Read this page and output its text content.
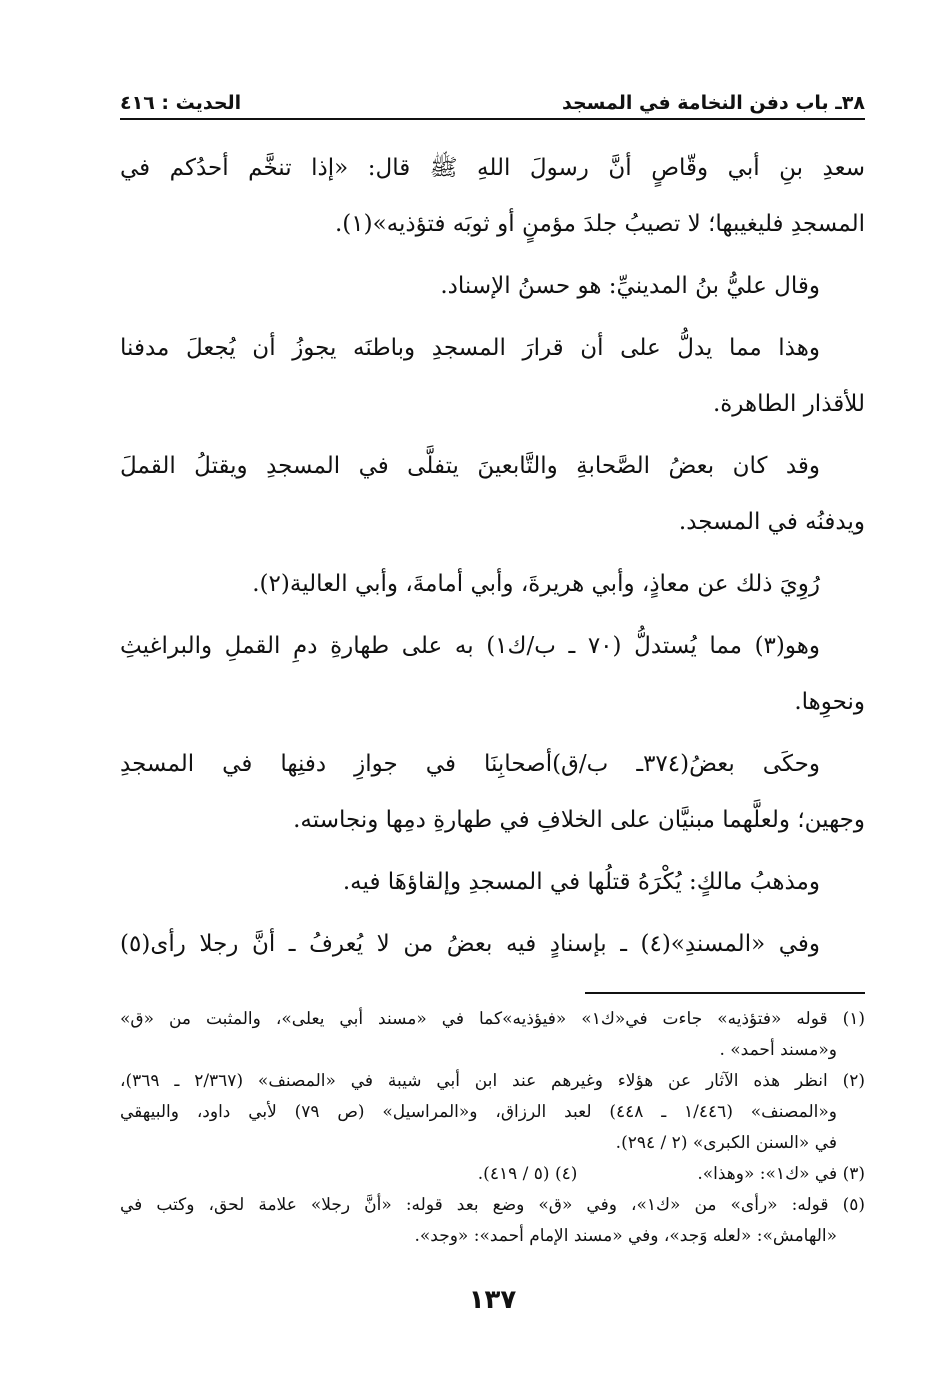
٣٨ـ باب دفن النخامة في المسجد
الحديث : ٤١٦
سعدِ بنِ أبي وقّاصٍ أنَّ رسولَ اللهِ ﷺ قال: «إذا تنخَّم أحدُكم في
المسجدِ فليغيبها؛ لا تصيبُ جلدَ مؤمنٍ أو ثوبَه فتؤذيه»(١).
وقال عليُّ بنُ المدينيِّ: هو حسنُ الإسناد.
وهذا مما يدلُّ على أن قرارَ المسجدِ وباطنَه يجوزُ أن يُجعلَ مدفنا
للأقذار الطاهرة.
وقد كان بعضُ الصَّحابةِ والتَّابعينَ يتفلَّى في المسجدِ ويقتلُ القملَ
ويدفنُه في المسجد.
رُوِيَ ذلك عن معاذٍ، وأبي هريرةَ، وأبي أمامةَ، وأبي العالية(٢).
وهو(٣) مما يُستدلُّ (٧٠ ـ ب/ك١) به على طهارةِ دمِ القملِ والبراغيثِ
ونحوِها.
وحكَى بعضُ(٣٧٤ـ ب/ق)أصحابِنَا في جوازِ دفنِها في المسجدِ
وجهين؛ ولعلَّهما مبنيَّان على الخلافِ في طهارةِ دمِها ونجاسته.
ومذهبُ مالكٍ: يُكْرَهُ قتلُها في المسجدِ وإلقاؤهَا فيه.
وفي «المسندِ»(٤) ـ بإسنادٍ فيه بعضُ من لا يُعرفُ ـ أنَّ رجلا رأى(٥)
(١) قوله «فتؤذيه» جاءت في«ك١» «فيؤذيه»كما في «مسند أبي يعلى»، والمثبت من «ق»
و«مسند أحمد» .
(٢) انظر هذه الآثار عن هؤلاء وغيرهم عند ابن أبي شيبة في «المصنف» (٢/٣٦٧ ـ ٣٦٩)،
و«المصنف» (١/٤٤٦ ـ ٤٤٨) لعبد الرزاق، و«المراسيل» (ص ٧٩) لأبي داود، والبيهقي
في «السنن الكبرى» (٢ / ٢٩٤).
(٣) في «ك١»: «وهذا».
(٤) (٥ / ٤١٩).
(٥) قوله: «رأى» من «ك١»، وفي «ق» وضع بعد قوله: «أنَّ رجلا» علامة لحق، وكتب في
«الهامش»: «لعله وَجد»، وفي «مسند الإمام أحمد»: «وجد».
١٣٧
